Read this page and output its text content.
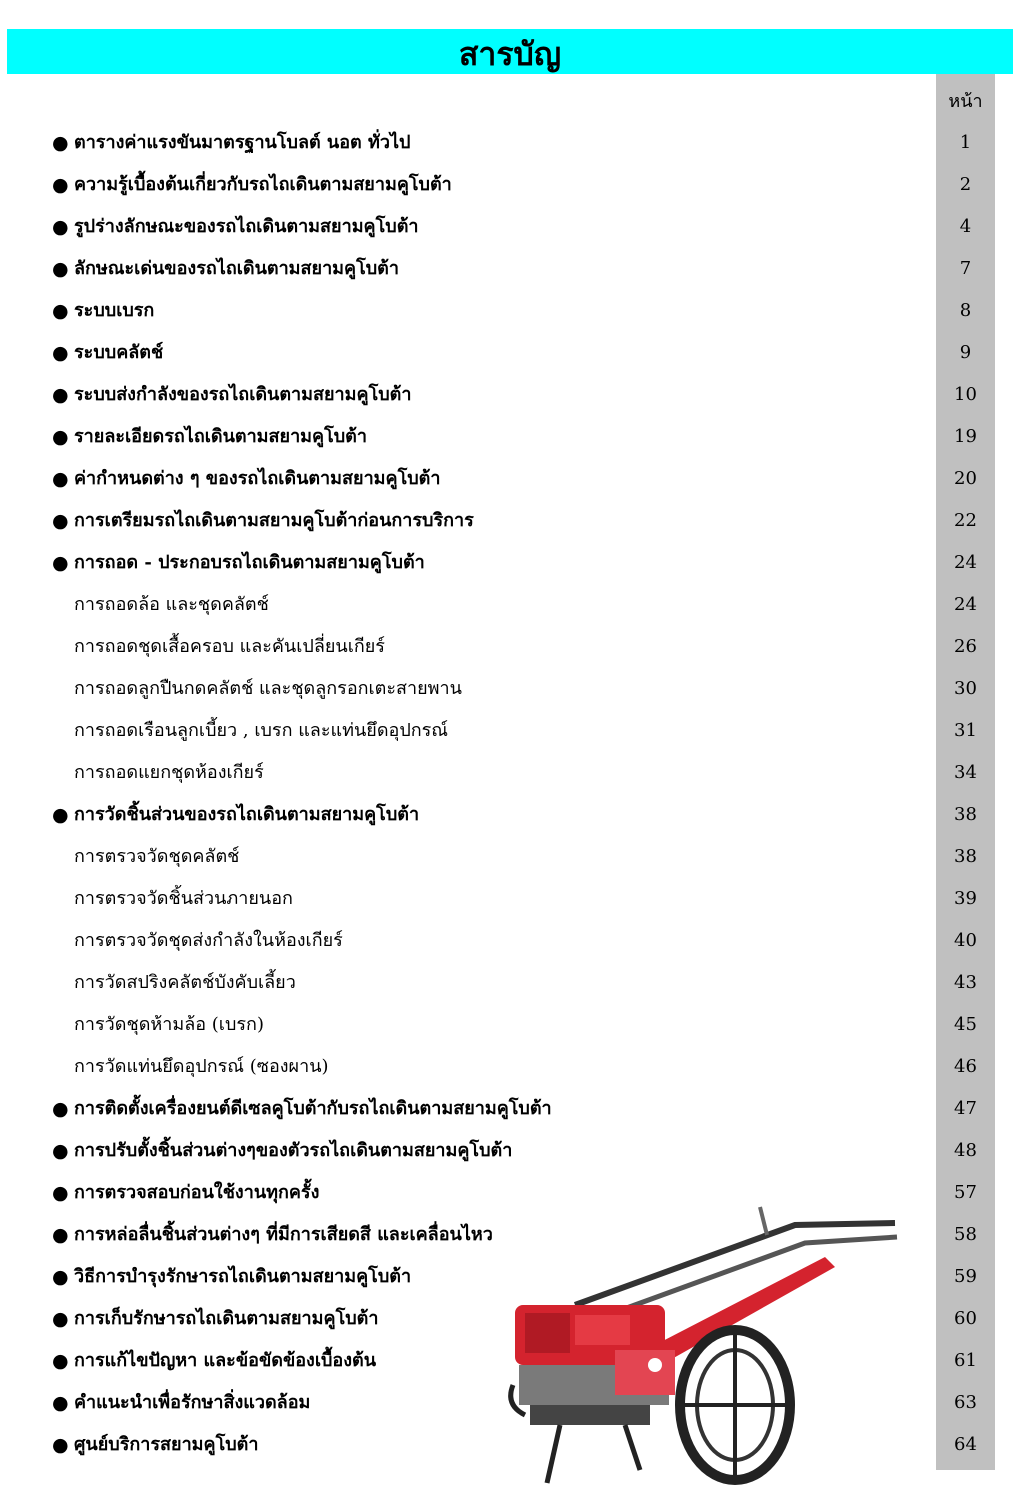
สารบัญ
หน้า
● ตารางค่าแรงขันมาตรฐานโบลต์ นอต ทั่วไป	1
● ความรู้เบื้องต้นเกี่ยวกับรถไถเดินตามสยามคูโบต้า	2
● รูปร่างลักษณะของรถไถเดินตามสยามคูโบต้า	4
● ลักษณะเด่นของรถไถเดินตามสยามคูโบต้า	7
● ระบบเบรก	8
● ระบบคลัตช์	9
● ระบบส่งกำลังของรถไถเดินตามสยามคูโบต้า	10
● รายละเอียดรถไถเดินตามสยามคูโบต้า	19
● ค่ากำหนดต่าง ๆ ของรถไถเดินตามสยามคูโบต้า	20
● การเตรียมรถไถเดินตามสยามคูโบต้าก่อนการบริการ	22
● การถอด - ประกอบรถไถเดินตามสยามคูโบต้า	24
การถอดล้อ และชุดคลัตช์	24
การถอดชุดเสื้อครอบ และคันเปลี่ยนเกียร์	26
การถอดลูกปืนกดคลัตช์ และชุดลูกรอกเตะสายพาน	30
การถอดเรือนลูกเบี้ยว , เบรก และแท่นยึดอุปกรณ์	31
การถอดแยกชุดห้องเกียร์	34
● การวัดชิ้นส่วนของรถไถเดินตามสยามคูโบต้า	38
การตรวจวัดชุดคลัตช์	38
การตรวจวัดชิ้นส่วนภายนอก	39
การตรวจวัดชุดส่งกำลังในห้องเกียร์	40
การวัดสปริงคลัตช์บังคับเลี้ยว	43
การวัดชุดห้ามล้อ (เบรก)	45
การวัดแท่นยึดอุปกรณ์ (ซองผาน)	46
● การติดตั้งเครื่องยนต์ดีเซลคูโบต้ากับรถไถเดินตามสยามคูโบต้า	47
● การปรับตั้งชิ้นส่วนต่างๆของตัวรถไถเดินตามสยามคูโบต้า	48
● การตรวจสอบก่อนใช้งานทุกครั้ง	57
● การหล่อลื่นชิ้นส่วนต่างๆ ที่มีการเสียดสี และเคลื่อนไหว	58
● วิธีการบำรุงรักษารถไถเดินตามสยามคูโบต้า	59
● การเก็บรักษารถไถเดินตามสยามคูโบต้า	60
● การแก้ไขปัญหา และข้อขัดข้องเบื้องต้น	61
● คำแนะนำเพื่อรักษาสิ่งแวดล้อม	63
● ศูนย์บริการสยามคูโบต้า	64
